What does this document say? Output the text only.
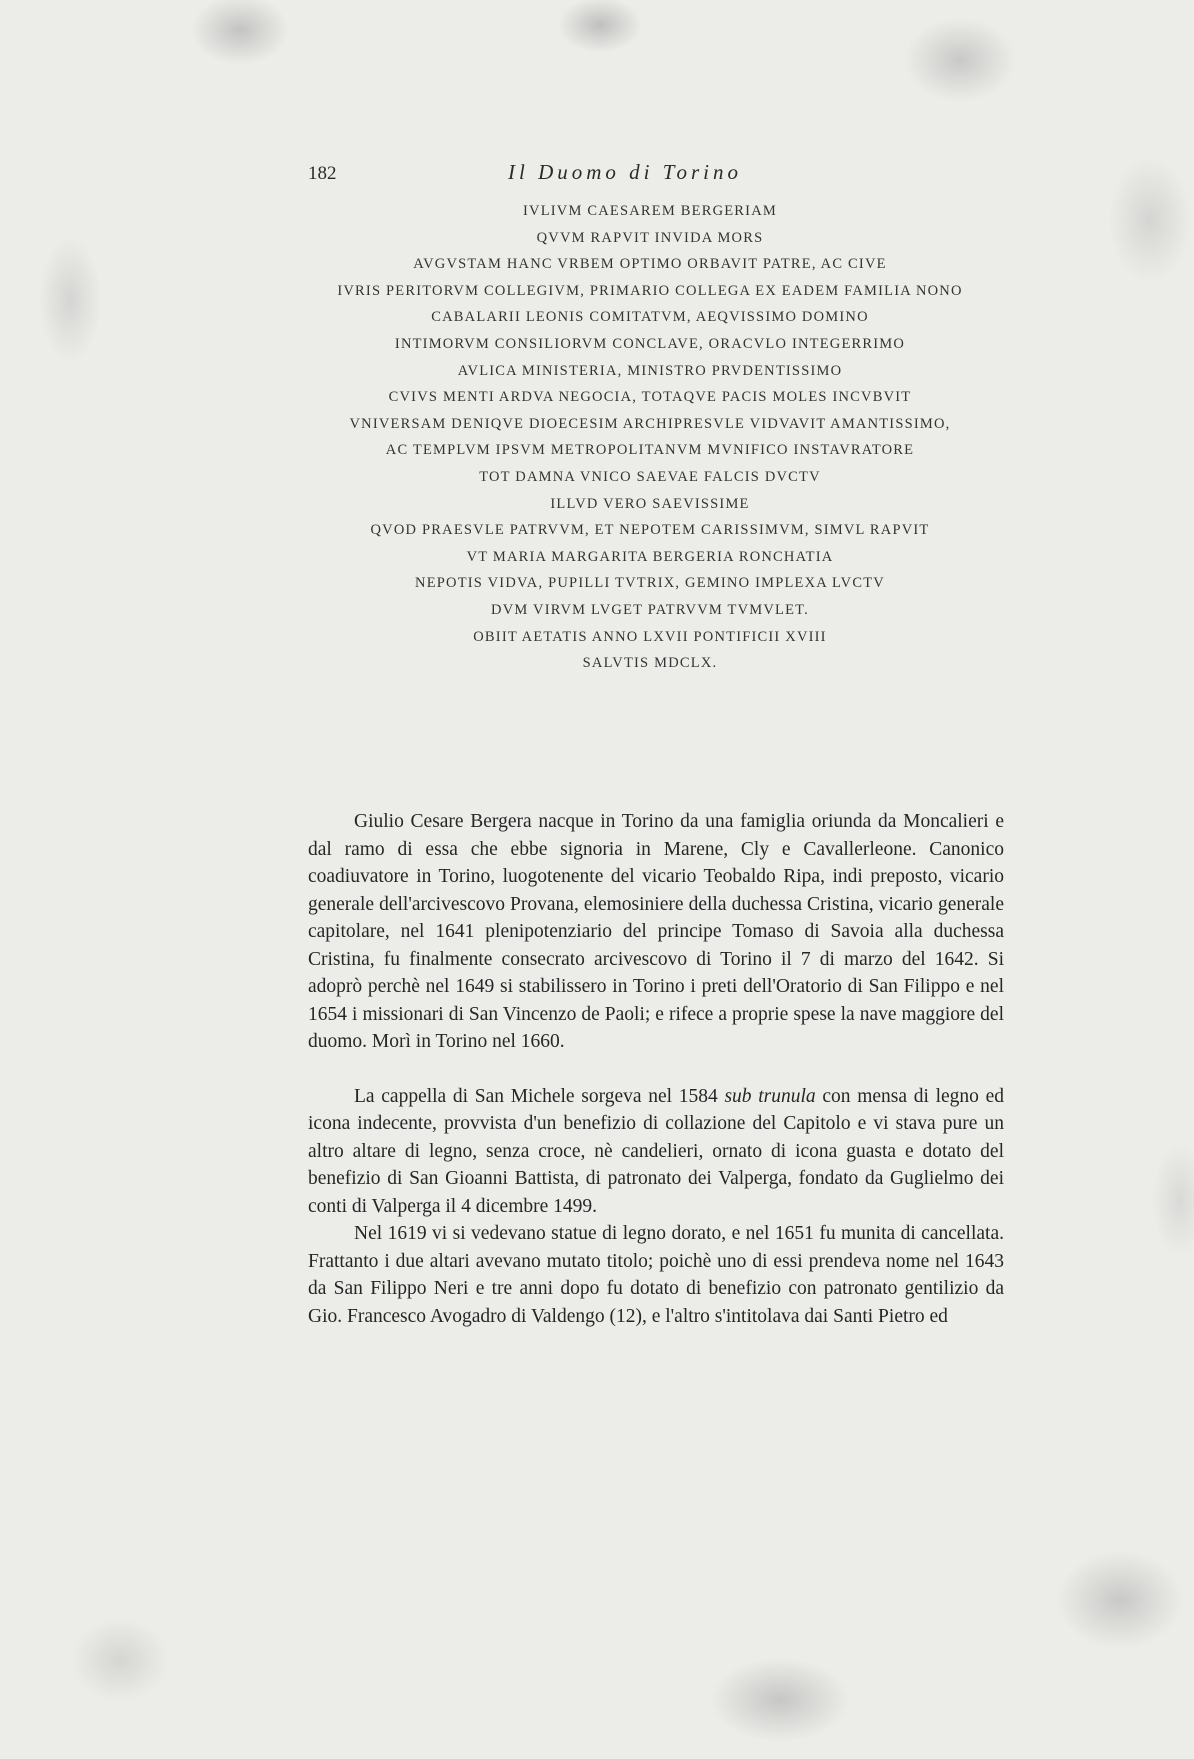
182	Il Duomo di Torino
IVLIVM CAESAREM BERGERIAM
QVVM RAPVIT INVIDA MORS
AVGVSTAM HANC VRBEM OPTIMO ORBAVIT PATRE, AC CIVE
IVRIS PERITORVM COLLEGIVM, PRIMARIO COLLEGA EX EADEM FAMILIA NONO
CABALARII LEONIS COMITATVM, AEQVISSIMO DOMINO
INTIMORVM CONSILIORVM CONCLAVE, ORACVLO INTEGERRIMO
AVLICA MINISTERIA, MINISTRO PRVDENTISSIMO
CVIVS MENTI ARDVA NEGOCIA, TOTAQVE PACIS MOLES INCVBVIT
VNIVERSAM DENIQVE DIOECESIM ARCHIPRESVLE VIDVAVIT AMANTISSIMO,
AC TEMPLVM IPSVM METROPOLITANVM MVNIFICO INSTAVRATORE
TOT DAMNA VNICO SAEVAE FALCIS DVCTV
ILLVD VERO SAEVISSIME
QVOD PRAESVLE PATRVVM, ET NEPOTEM CARISSIMVM, SIMVL RAPVIT
VT MARIA MARGARITA BERGERIA RONCHATIA
NEPOTIS VIDVA, PUPILLI TVTRIX, GEMINO IMPLEXA LVCTV
DVM VIRVM LVGET PATRVVM TVMVLET.
OBIIT AETATIS ANNO LXVII PONTIFICII XVIII
SALVTIS MDCLX.

Giulio Cesare Bergera nacque in Torino da una famiglia oriunda da Moncalieri e dal ramo di essa che ebbe signoria in Marene, Cly e Cavallerleone. Canonico coadiuvatore in Torino, luogotenente del vicario Teobaldo Ripa, indi preposto, vicario generale dell'arcivescovo Provana, elemosiniere della duchessa Cristina, vicario generale capitolare, nel 1641 plenipotenziario del principe Tomaso di Savoia alla duchessa Cristina, fu finalmente consecrato arcivescovo di Torino il 7 di marzo del 1642. Si adoprò perchè nel 1649 si stabilissero in Torino i preti dell'Oratorio di San Filippo e nel 1654 i missionari di San Vincenzo de Paoli; e rifece a proprie spese la nave maggiore del duomo. Morì in Torino nel 1660.

La cappella di San Michele sorgeva nel 1584 sub trunula con mensa di legno ed icona indecente, provvista d'un benefizio di collazione del Capitolo e vi stava pure un altro altare di legno, senza croce, nè candelieri, ornato di icona guasta e dotato del benefizio di San Gioanni Battista, di patronato dei Valperga, fondato da Guglielmo dei conti di Valperga il 4 dicembre 1499.

Nel 1619 vi si vedevano statue di legno dorato, e nel 1651 fu munita di cancellata. Frattanto i due altari avevano mutato titolo; poichè uno di essi prendeva nome nel 1643 da San Filippo Neri e tre anni dopo fu dotato di benefizio con patronato gentilizio da Gio. Francesco Avogadro di Valdengo (12), e l'altro s'intitolava dai Santi Pietro ed
